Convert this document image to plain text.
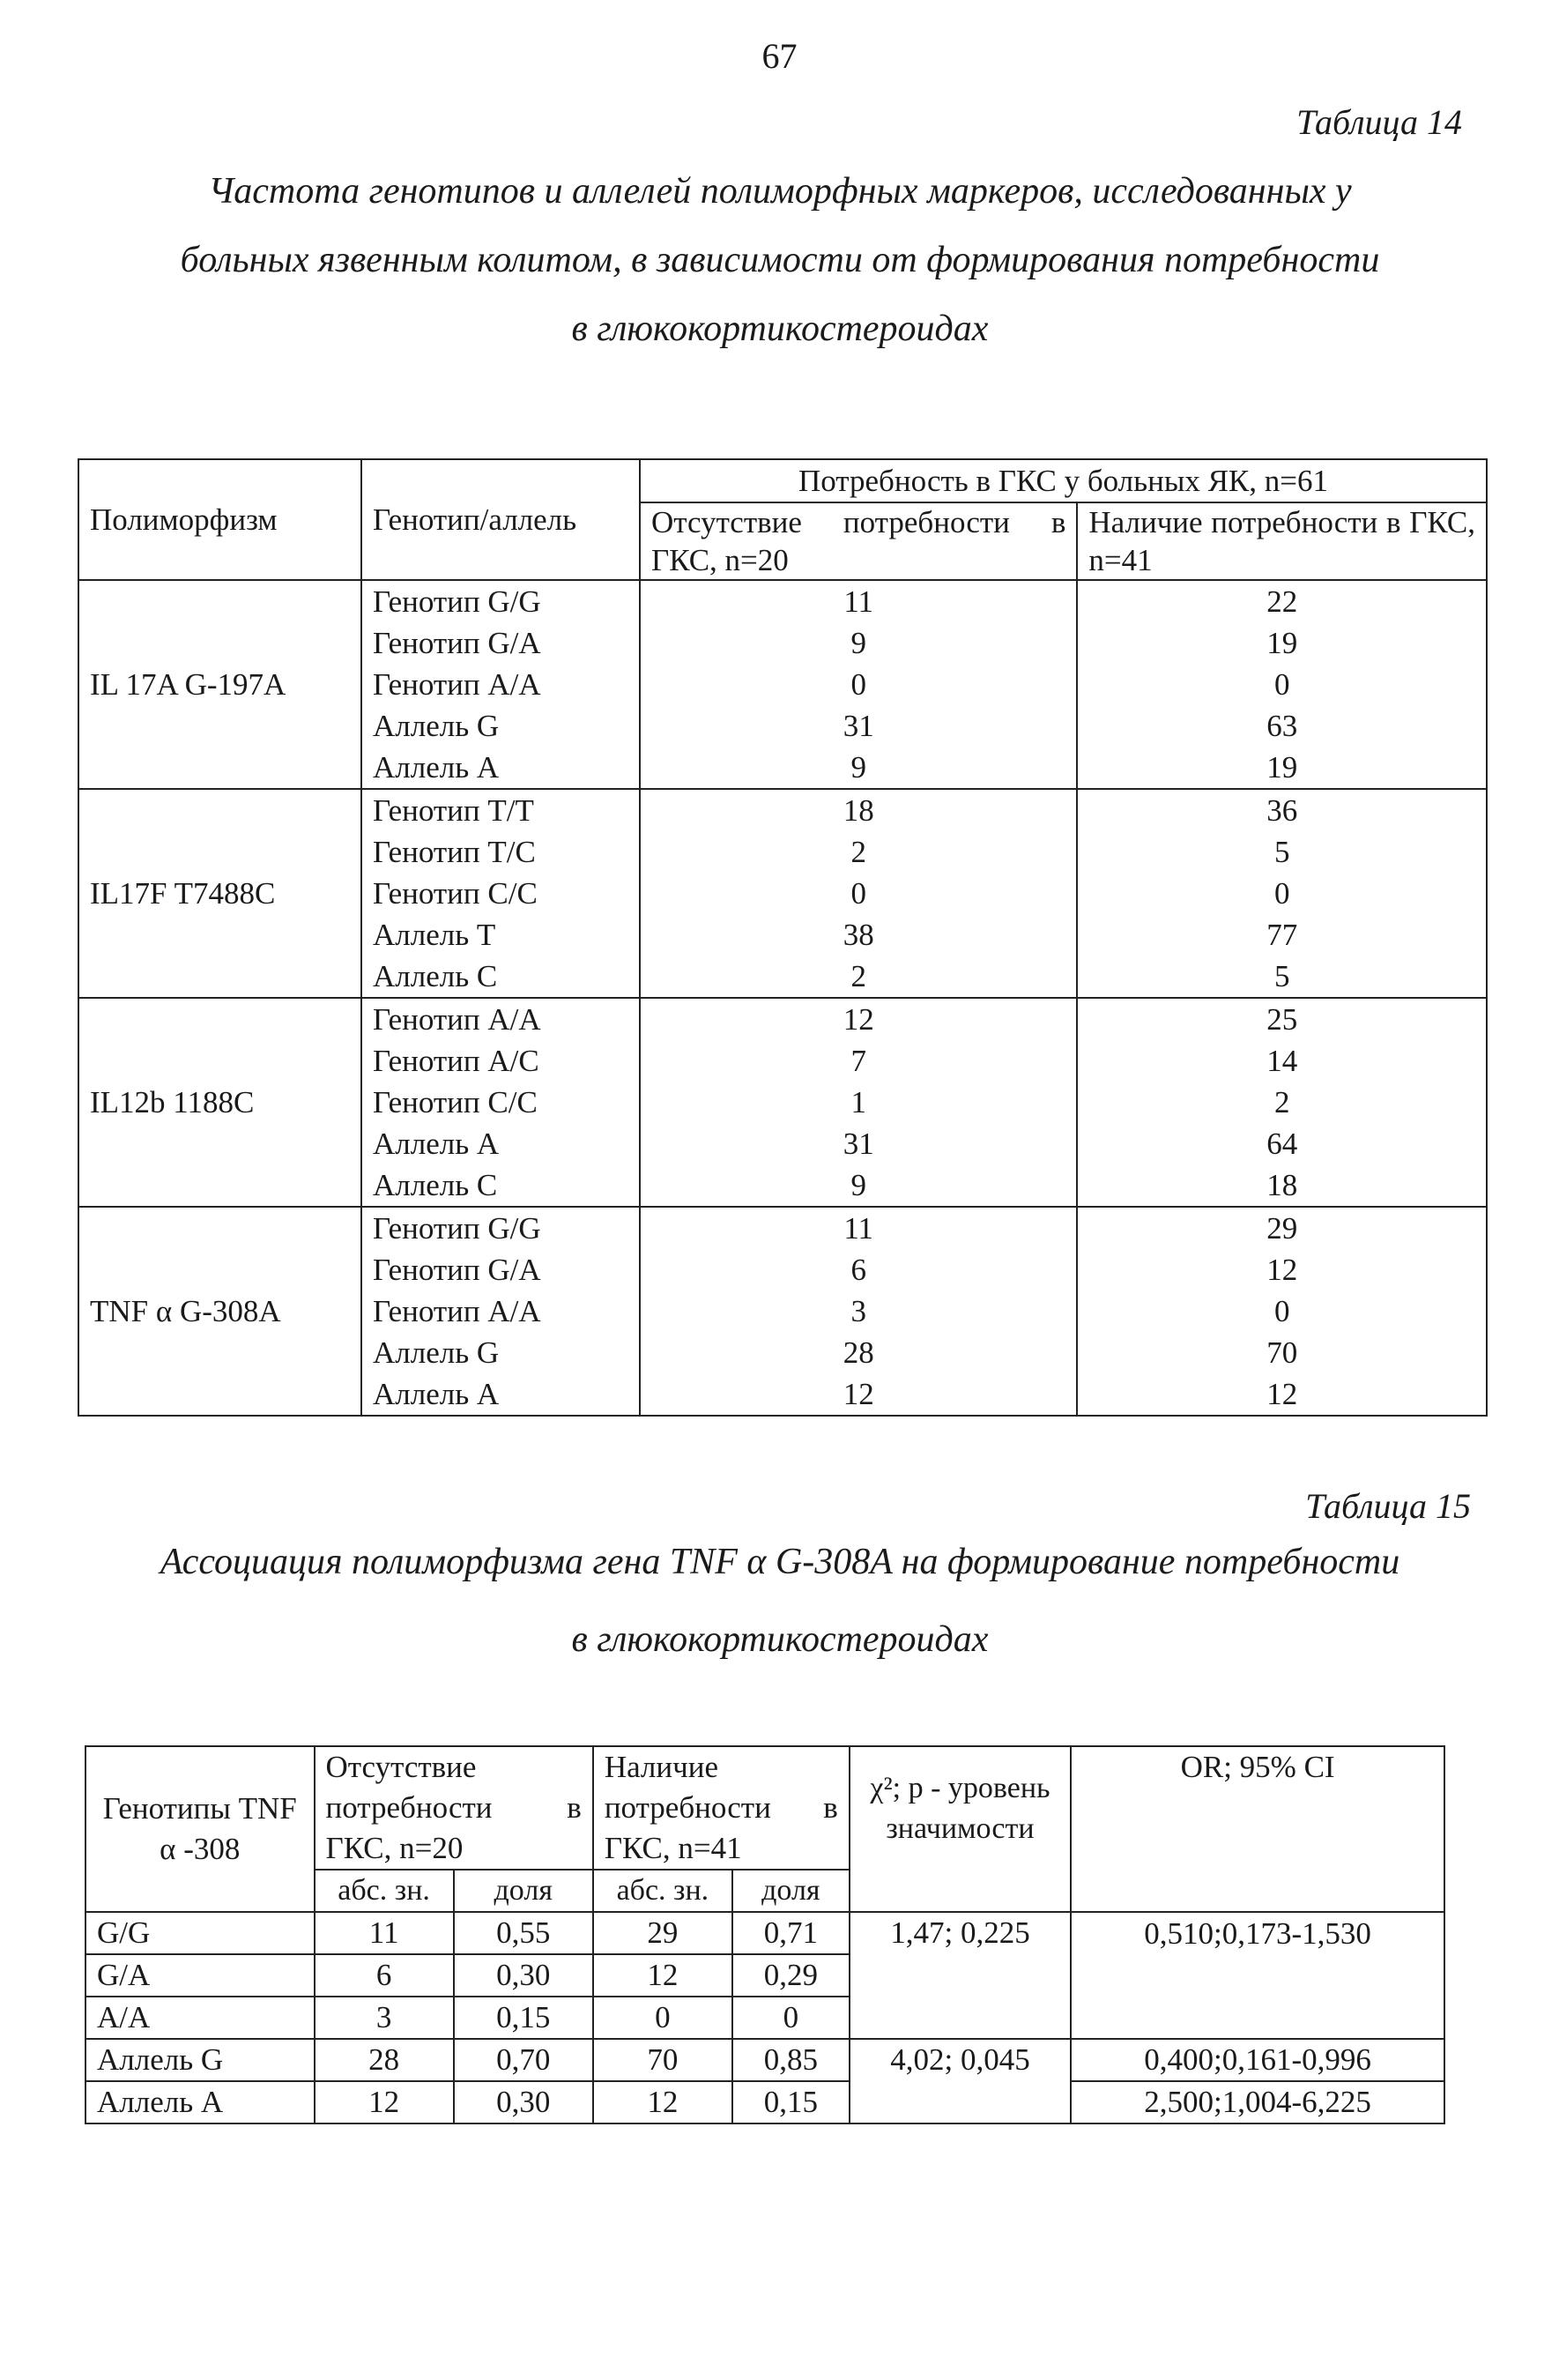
67
Таблица 14
Частота генотипов и аллелей полиморфных маркеров, исследованных у
больных язвенным колитом, в зависимости от формирования потребности
в глюкокортикостероидах
Полиморфизм	Генотип/аллель	Потребность в ГКС у больных ЯК, n=61	
		Отсутствие потребности в ГКС, n=20	Наличие потребности в ГКС, n=41
IL 17A G-197A	Генотип G/G	11	22
	Генотип G/A	9	19
	Генотип A/A	0	0
	Аллель G	31	63
	Аллель A	9	19
IL17F T7488C	Генотип T/T	18	36
	Генотип T/C	2	5
	Генотип C/C	0	0
	Аллель T	38	77
	Аллель C	2	5
IL12b 1188C	Генотип A/A	12	25
	Генотип A/C	7	14
	Генотип C/C	1	2
	Аллель A	31	64
	Аллель C	9	18
TNF α G-308A	Генотип G/G	11	29
	Генотип G/A	6	12
	Генотип A/A	3	0
	Аллель G	28	70
	Аллель A	12	12
Таблица 15
Ассоциация полиморфизма гена TNF α G-308A на формирование потребности
в глюкокортикостероидах
Генотипы TNF α -308	Отсутствие потребности в ГКС, n=20		Наличие потребности в ГКС, n=41		χ²; p - уровень значимости	OR; 95% CI
	абс. зн.	доля	абс. зн.	доля		
G/G	11	0,55	29	0,71	1,47; 0,225	0,510;0,173-1,530
G/A	6	0,30	12	0,29		
A/A	3	0,15	0	0		
Аллель G	28	0,70	70	0,85	4,02; 0,045	0,400;0,161-0,996
Аллель A	12	0,30	12	0,15		2,500;1,004-6,225
